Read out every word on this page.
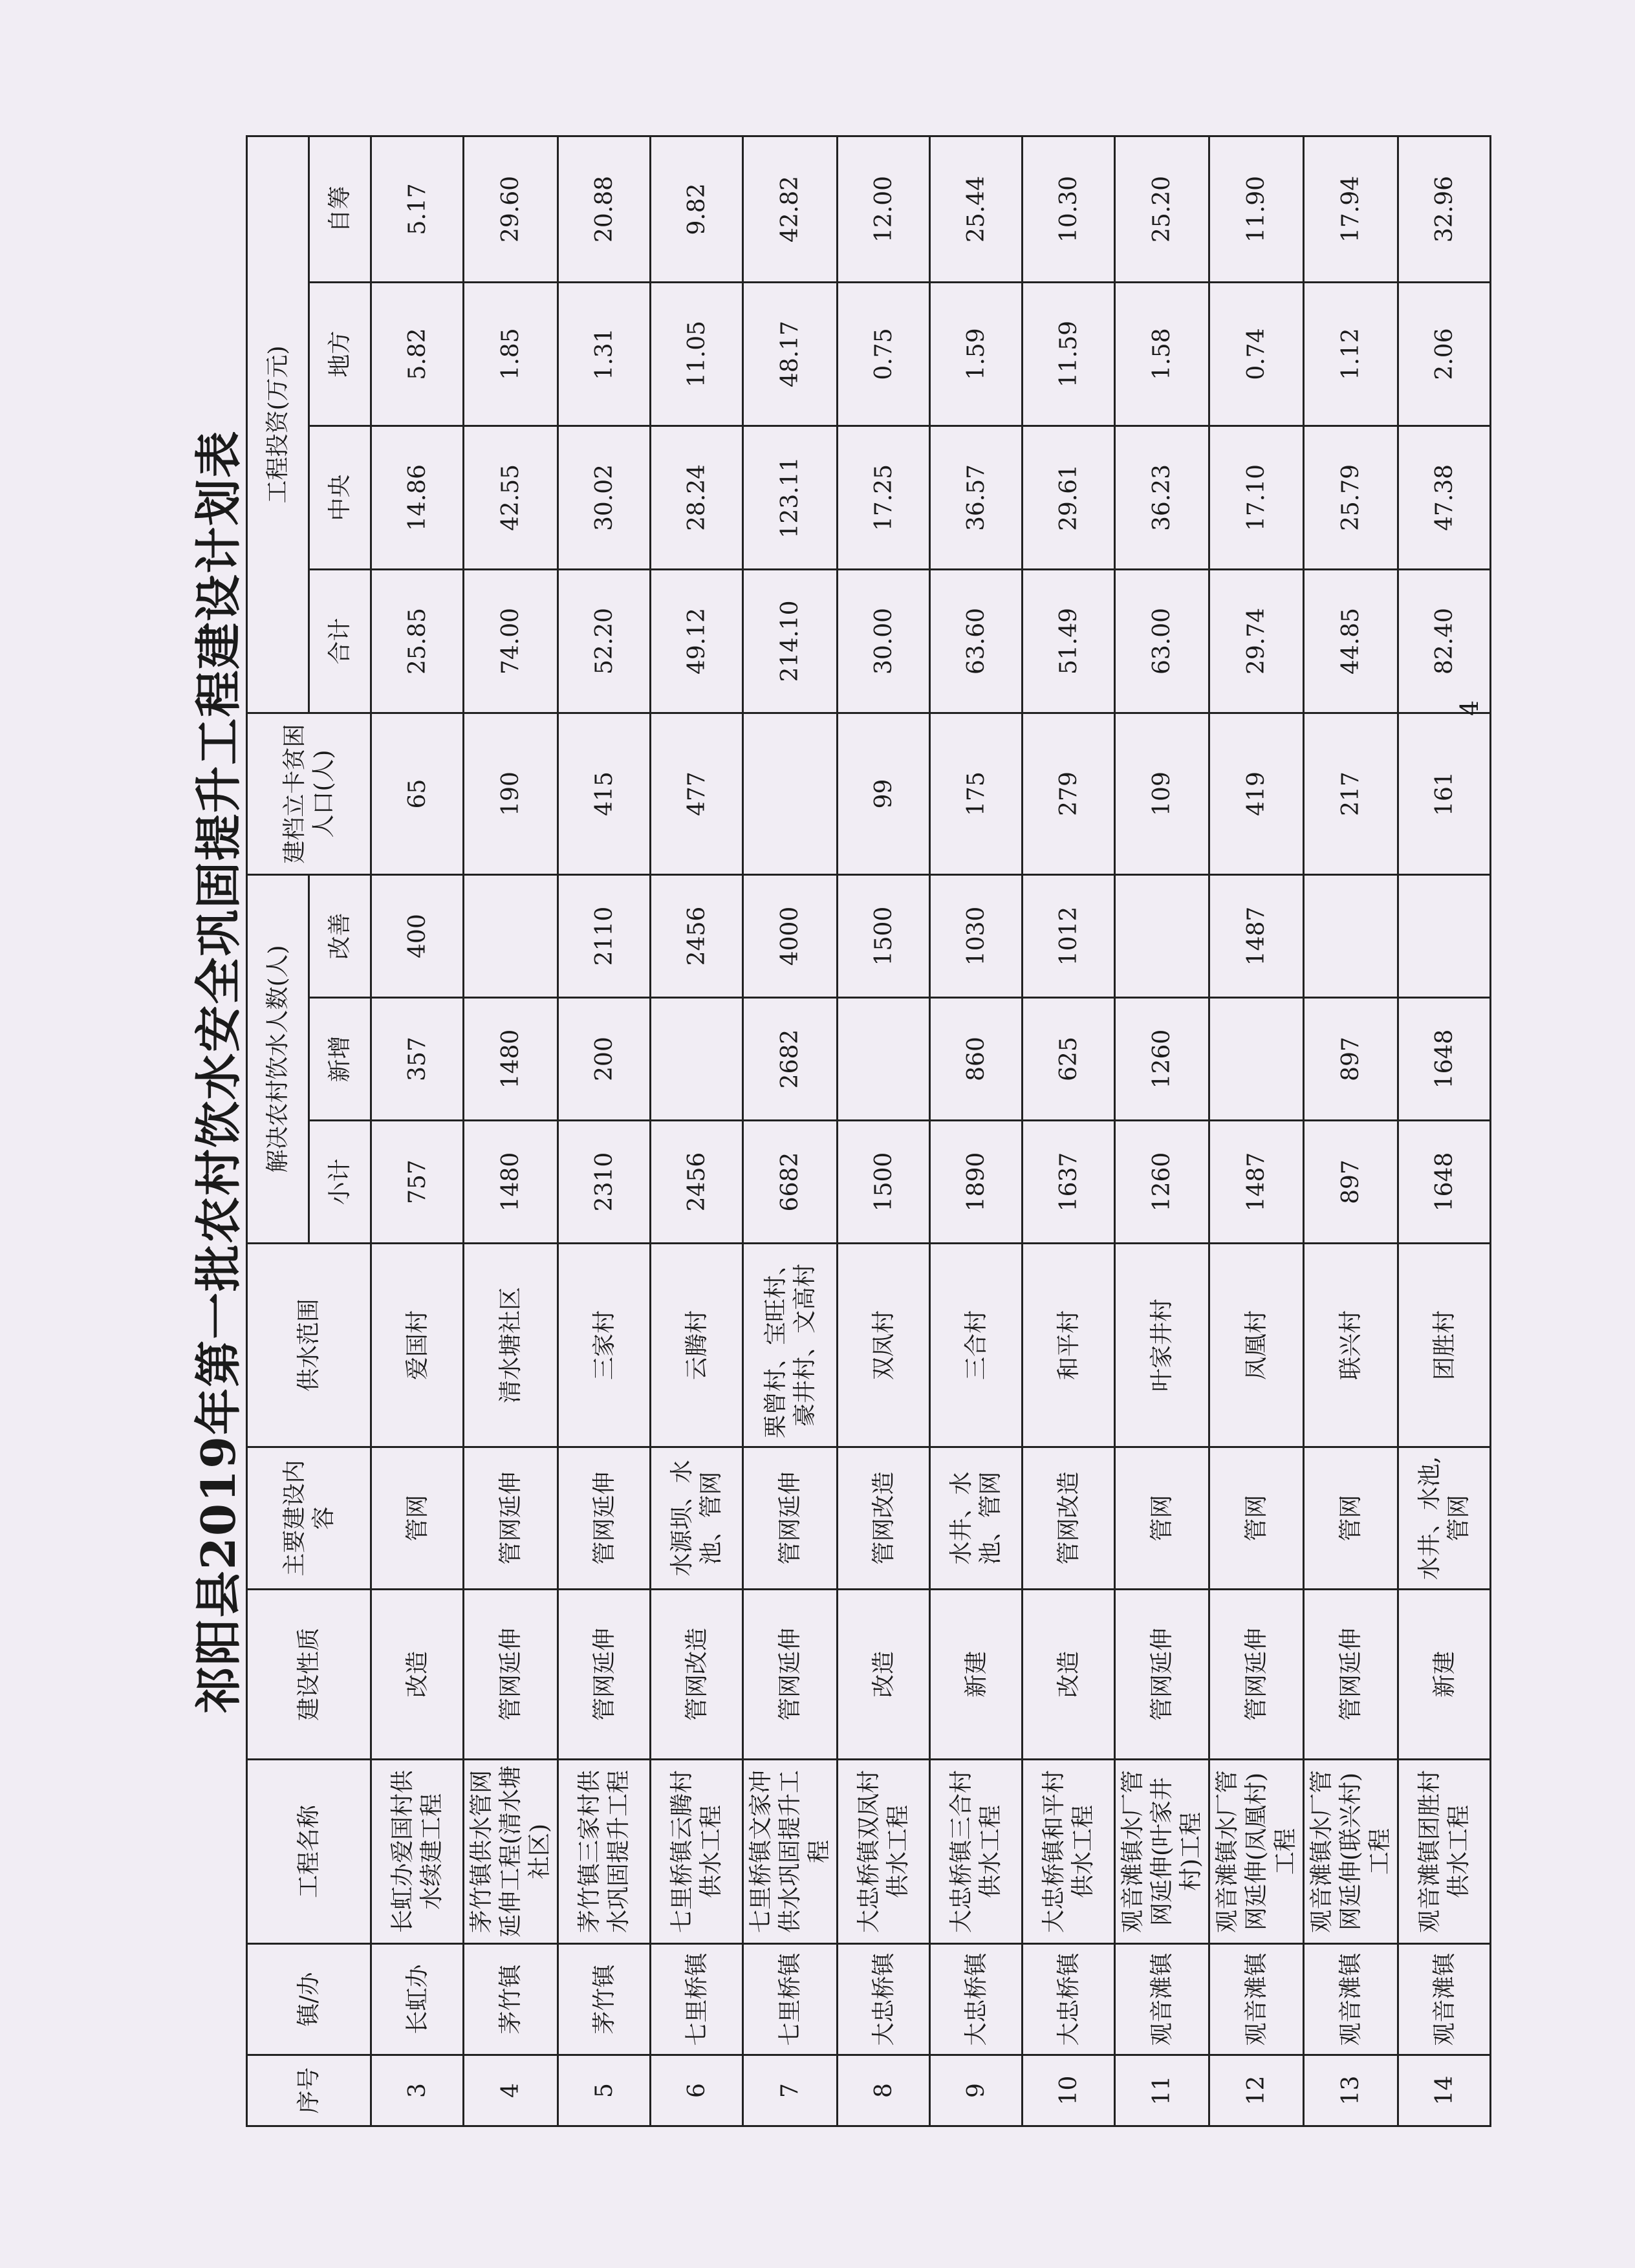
祁阳县2019年第一批农村饮水安全巩固提升工程建设计划表
序号	镇/办	工程名称	建设性质	主要建设内容	供水范围	解决农村饮水人数(人)			建档立卡贫困人口(人)	工程投资(万元)			
						小计	新增	改善		合计	中央	地方	自筹
3	长虹办	长虹办爱国村供水续建工程	改造	管网	爱国村	757	357	400	65	25.85	14.86	5.82	5.17
4	茅竹镇	茅竹镇供水管网延伸工程(清水塘社区)	管网延伸	管网延伸	清水塘社区	1480	1480		190	74.00	42.55	1.85	29.60
5	茅竹镇	茅竹镇三家村供水巩固提升工程	管网延伸	管网延伸	三家村	2310	200	2110	415	52.20	30.02	1.31	20.88
6	七里桥镇	七里桥镇云腾村供水工程	管网改造	水源坝、水池、管网	云腾村	2456		2456	477	49.12	28.24	11.05	9.82
7	七里桥镇	七里桥镇文家冲供水巩固提升工程	管网延伸	管网延伸	栗曾村、宝旺村、豪井村、文高村	6682	2682	4000		214.10	123.11	48.17	42.82
8	大忠桥镇	大忠桥镇双凤村供水工程	改造	管网改造	双凤村	1500		1500	99	30.00	17.25	0.75	12.00
9	大忠桥镇	大忠桥镇三合村供水工程	新建	水井、水池、管网	三合村	1890	860	1030	175	63.60	36.57	1.59	25.44
10	大忠桥镇	大忠桥镇和平村供水工程	改造	管网改造	和平村	1637	625	1012	279	51.49	29.61	11.59	10.30
11	观音滩镇	观音滩镇水厂管网延伸(叶家井村)工程	管网延伸	管网	叶家井村	1260	1260		109	63.00	36.23	1.58	25.20
12	观音滩镇	观音滩镇水厂管网延伸(凤凰村)工程	管网延伸	管网	凤凰村	1487		1487	419	29.74	17.10	0.74	11.90
13	观音滩镇	观音滩镇水厂管网延伸(联兴村)工程	管网延伸	管网	联兴村	897	897		217	44.85	25.79	1.12	17.94
14	观音滩镇	观音滩镇团胜村供水工程	新建	水井、水池,管网	团胜村	1648	1648		161	82.40	47.38	2.06	32.96
4
